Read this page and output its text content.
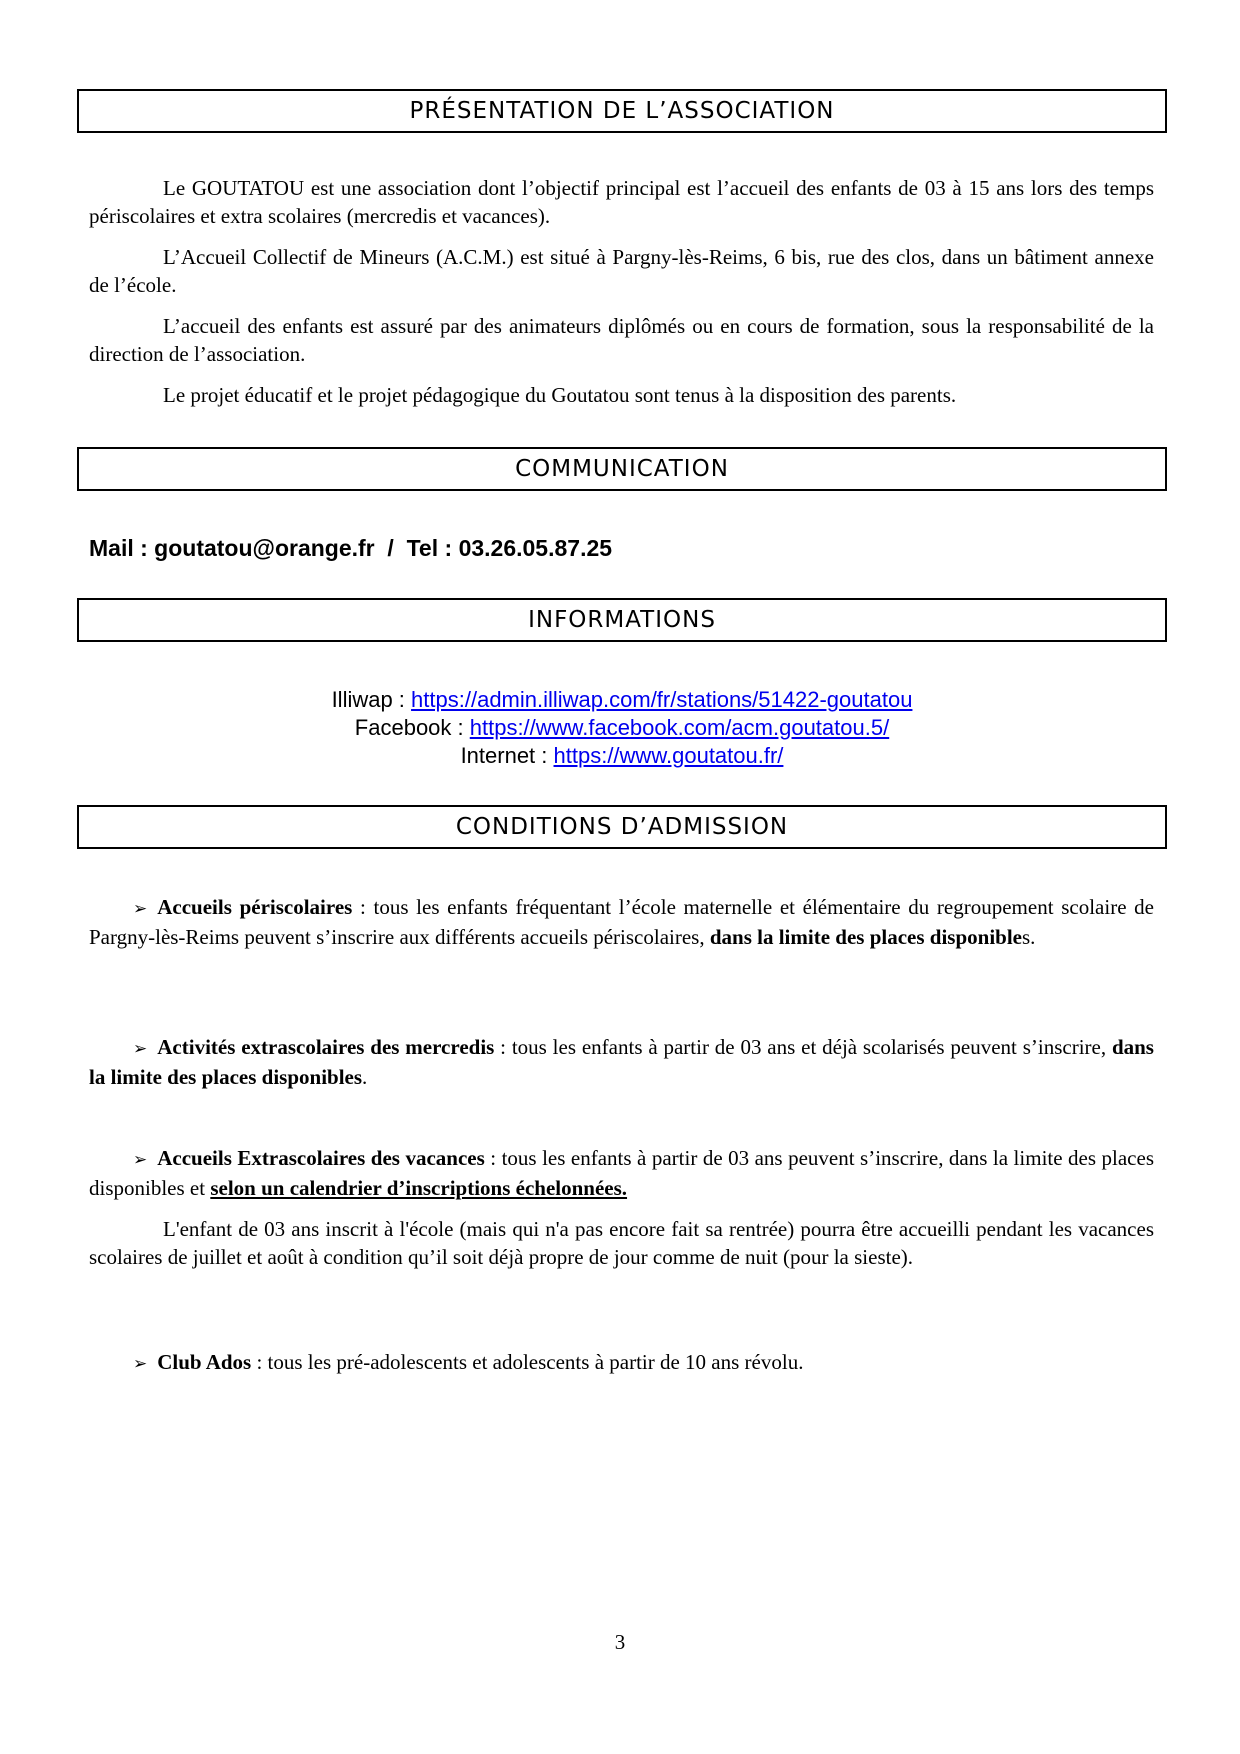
PRÉSENTATION DE L’ASSOCIATION

Le GOUTATOU est une association dont l’objectif principal est l’accueil des enfants de 03 à 15 ans lors des temps périscolaires et extra scolaires (mercredis et vacances).

L’Accueil Collectif de Mineurs (A.C.M.) est situé à Pargny-lès-Reims, 6 bis, rue des clos, dans un bâtiment annexe de l’école.

L’accueil des enfants est assuré par des animateurs diplômés ou en cours de formation, sous la responsabilité de la direction de l’association.

Le projet éducatif et le projet pédagogique du Goutatou sont tenus à la disposition des parents.

COMMUNICATION
Mail : goutatou@orange.fr  /  Tel : 03.26.05.87.25
INFORMATIONS
Illiwap : https://admin.illiwap.com/fr/stations/51422-goutatou
Facebook : https://www.facebook.com/acm.goutatou.5/
Internet : https://www.goutatou.fr/
CONDITIONS D’ADMISSION

➢ Accueils périscolaires : tous les enfants fréquentant l’école maternelle et élémentaire du regroupement scolaire de Pargny-lès-Reims peuvent s’inscrire aux différents accueils périscolaires, dans la limite des places disponibles.

➢ Activités extrascolaires des mercredis : tous les enfants à partir de 03 ans et déjà scolarisés peuvent s’inscrire, dans la limite des places disponibles.

➢ Accueils Extrascolaires des vacances : tous les enfants à partir de 03 ans peuvent s’inscrire, dans la limite des places disponibles et selon un calendrier d’inscriptions échelonnées.

L'enfant de 03 ans inscrit à l'école (mais qui n'a pas encore fait sa rentrée) pourra être accueilli pendant les vacances scolaires de juillet et août à condition qu’il soit déjà propre de jour comme de nuit (pour la sieste).

➢ Club Ados : tous les pré-adolescents et adolescents à partir de 10 ans révolu.

3
